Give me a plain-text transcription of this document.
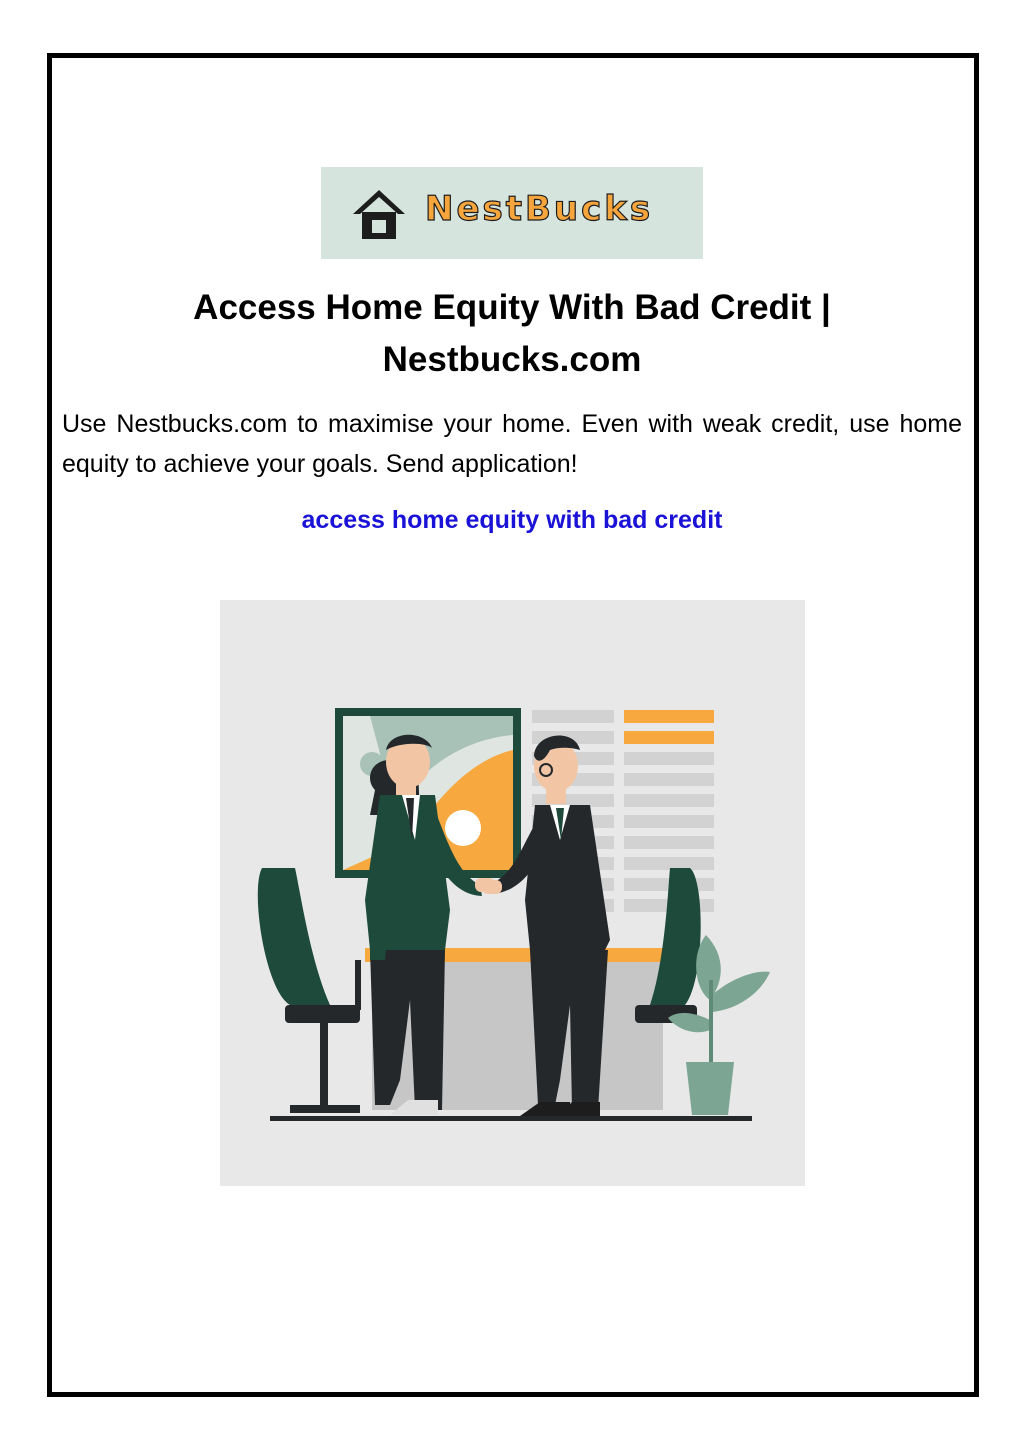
NestBucks
Access Home Equity With Bad Credit | Nestbucks.com

Use Nestbucks.com to maximise your home. Even with weak credit, use home equity to achieve your goals. Send application!

access home equity with bad credit
